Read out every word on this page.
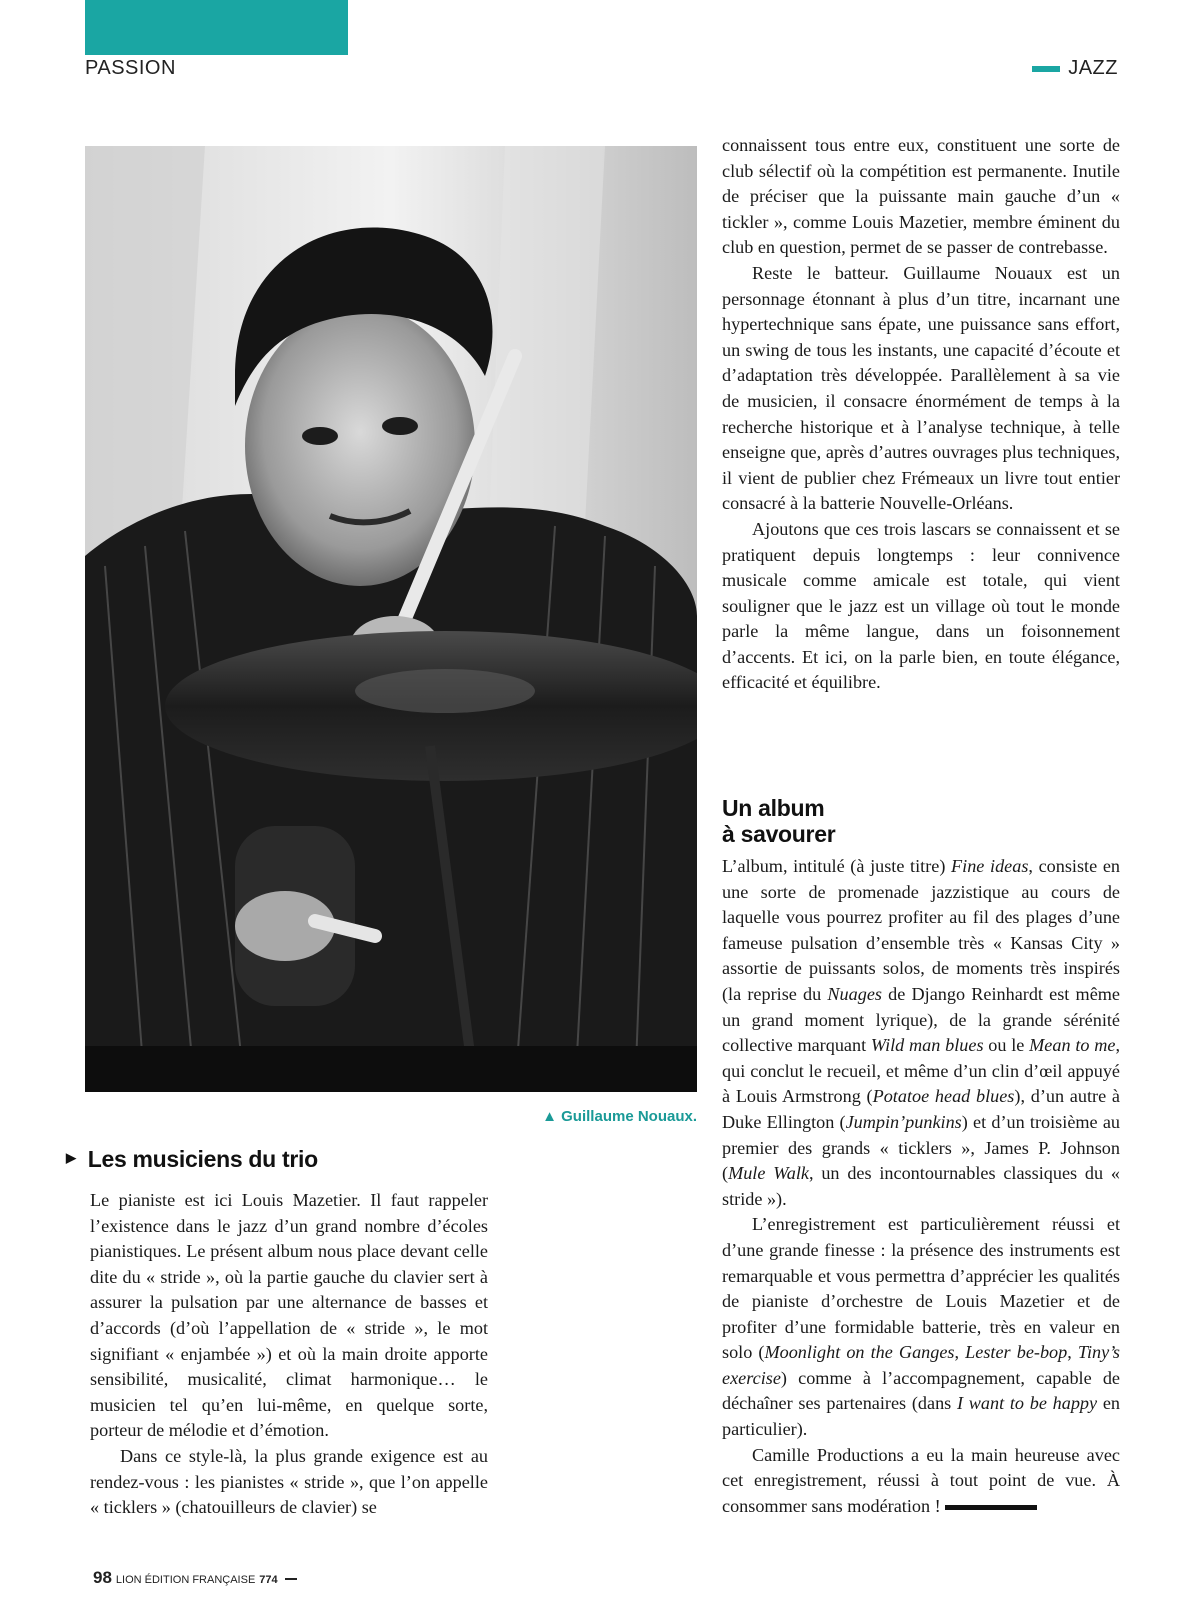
PASSION	JAZZ
▲ Guillaume Nouaux.
▶ Les musiciens du trio

Le pianiste est ici Louis Mazetier. Il faut rappeler l’existence dans le jazz d’un grand nombre d’écoles pianistiques. Le présent album nous place devant celle dite du « stride », où la partie gauche du clavier sert à assurer la pulsation par une alternance de basses et d’accords (d’où l’appellation de « stride », le mot signifiant « enjambée ») et où la main droite apporte sensibilité, musicalité, climat harmonique… le musicien tel qu’en lui-même, en quelque sorte, porteur de mélodie et d’émotion.

Dans ce style-là, la plus grande exigence est au rendez-vous : les pianistes « stride », que l’on appelle « ticklers » (chatouilleurs de clavier) se

connaissent tous entre eux, constituent une sorte de club sélectif où la compétition est permanente. Inutile de préciser que la puissante main gauche d’un « tickler », comme Louis Mazetier, membre éminent du club en question, permet de se passer de contrebasse.

Reste le batteur. Guillaume Nouaux est un personnage étonnant à plus d’un titre, incarnant une hypertechnique sans épate, une puissance sans effort, un swing de tous les instants, une capacité d’écoute et d’adaptation très développée. Parallèlement à sa vie de musicien, il consacre énormément de temps à la recherche historique et à l’analyse technique, à telle enseigne que, après d’autres ouvrages plus techniques, il vient de publier chez Frémeaux un livre tout entier consacré à la batterie Nouvelle-Orléans.

Ajoutons que ces trois lascars se connaissent et se pratiquent depuis longtemps : leur connivence musicale comme amicale est totale, qui vient souligner que le jazz est un village où tout le monde parle la même langue, dans un foisonnement d’accents. Et ici, on la parle bien, en toute élégance, efficacité et équilibre.

Un album
à savourer

L’album, intitulé (à juste titre) Fine ideas, consiste en une sorte de promenade jazzistique au cours de laquelle vous pourrez profiter au fil des plages d’une fameuse pulsation d’ensemble très « Kansas City » assortie de puissants solos, de moments très inspirés (la reprise du Nuages de Django Reinhardt est même un grand moment lyrique), de la grande sérénité collective marquant Wild man blues ou le Mean to me, qui conclut le recueil, et même d’un clin d’œil appuyé à Louis Armstrong (Potatoe head blues), d’un autre à Duke Ellington (Jumpin’punkins) et d’un troisième au premier des grands « ticklers », James P. Johnson (Mule Walk, un des incontournables classiques du « stride »).

L’enregistrement est particulièrement réussi et d’une grande finesse : la présence des instruments est remarquable et vous permettra d’apprécier les qualités de pianiste d’orchestre de Louis Mazetier et de profiter d’une formidable batterie, très en valeur en solo (Moonlight on the Ganges, Lester be-bop, Tiny’s exercise) comme à l’accompagnement, capable de déchaîner ses partenaires (dans I want to be happy en particulier).

Camille Productions a eu la main heureuse avec cet enregistrement, réussi à tout point de vue. À consommer sans modération !

98 LION ÉDITION FRANÇAISE 774
